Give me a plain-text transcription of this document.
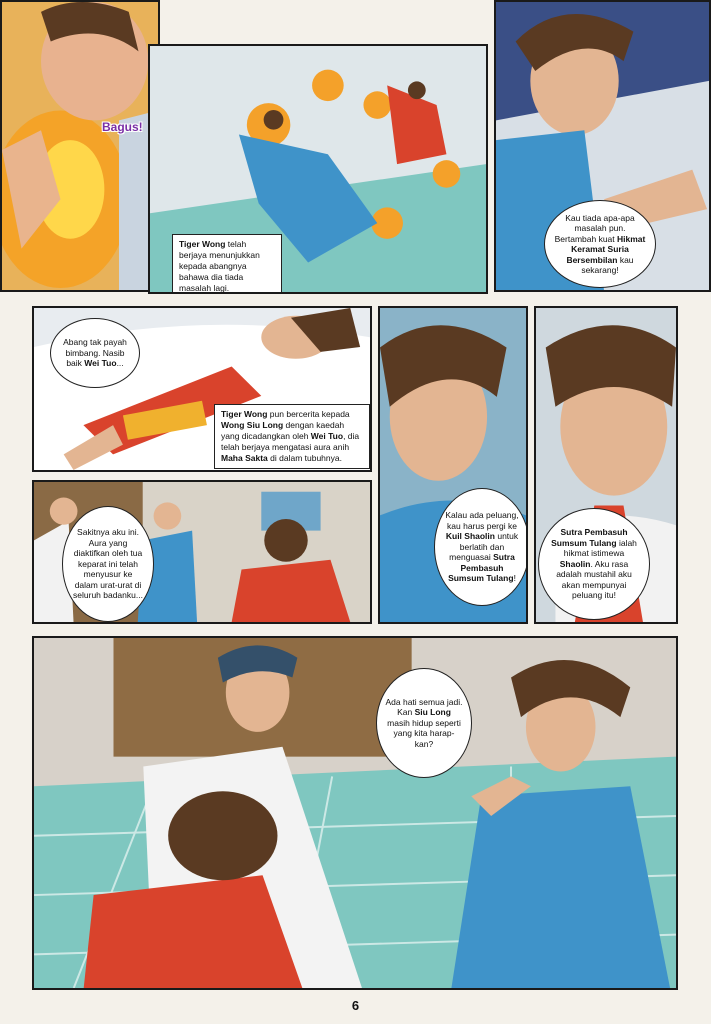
Bagus!
Tiger Wong telah berjaya menunjukkan kepada abangnya bahawa dia tiada masalah lagi.
Kau tiada apa-apa masalah pun. Bertambah kuat Hikmat Keramat Suria Bersembilan kau sekarang!
Abang tak payah bimbang. Nasib baik Wei Tuo...
Tiger Wong pun bercerita kepada Wong Siu Long dengan kaedah yang dicadangkan oleh Wei Tuo, dia telah berjaya mengatasi aura anih Maha Sakta di dalam tubuhnya.
Kalau ada peluang, kau harus pergi ke Kuil Shaolin untuk berlatih dan menguasai Sutra Pembasuh Sumsum Tulang!
Sutra Pembasuh Sumsum Tulang ialah hikmat istimewa Shaolin. Aku rasa adalah mustahil aku akan mempunyai peluang itu!
Sakitnya aku ini. Aura yang diaktifkan oleh tua keparat ini telah menyusur ke dalam urat-urat di seluruh badanku...
Ada hati semua jadi. Kan Siu Long masih hidup seperti yang kita harap-kan?
6
